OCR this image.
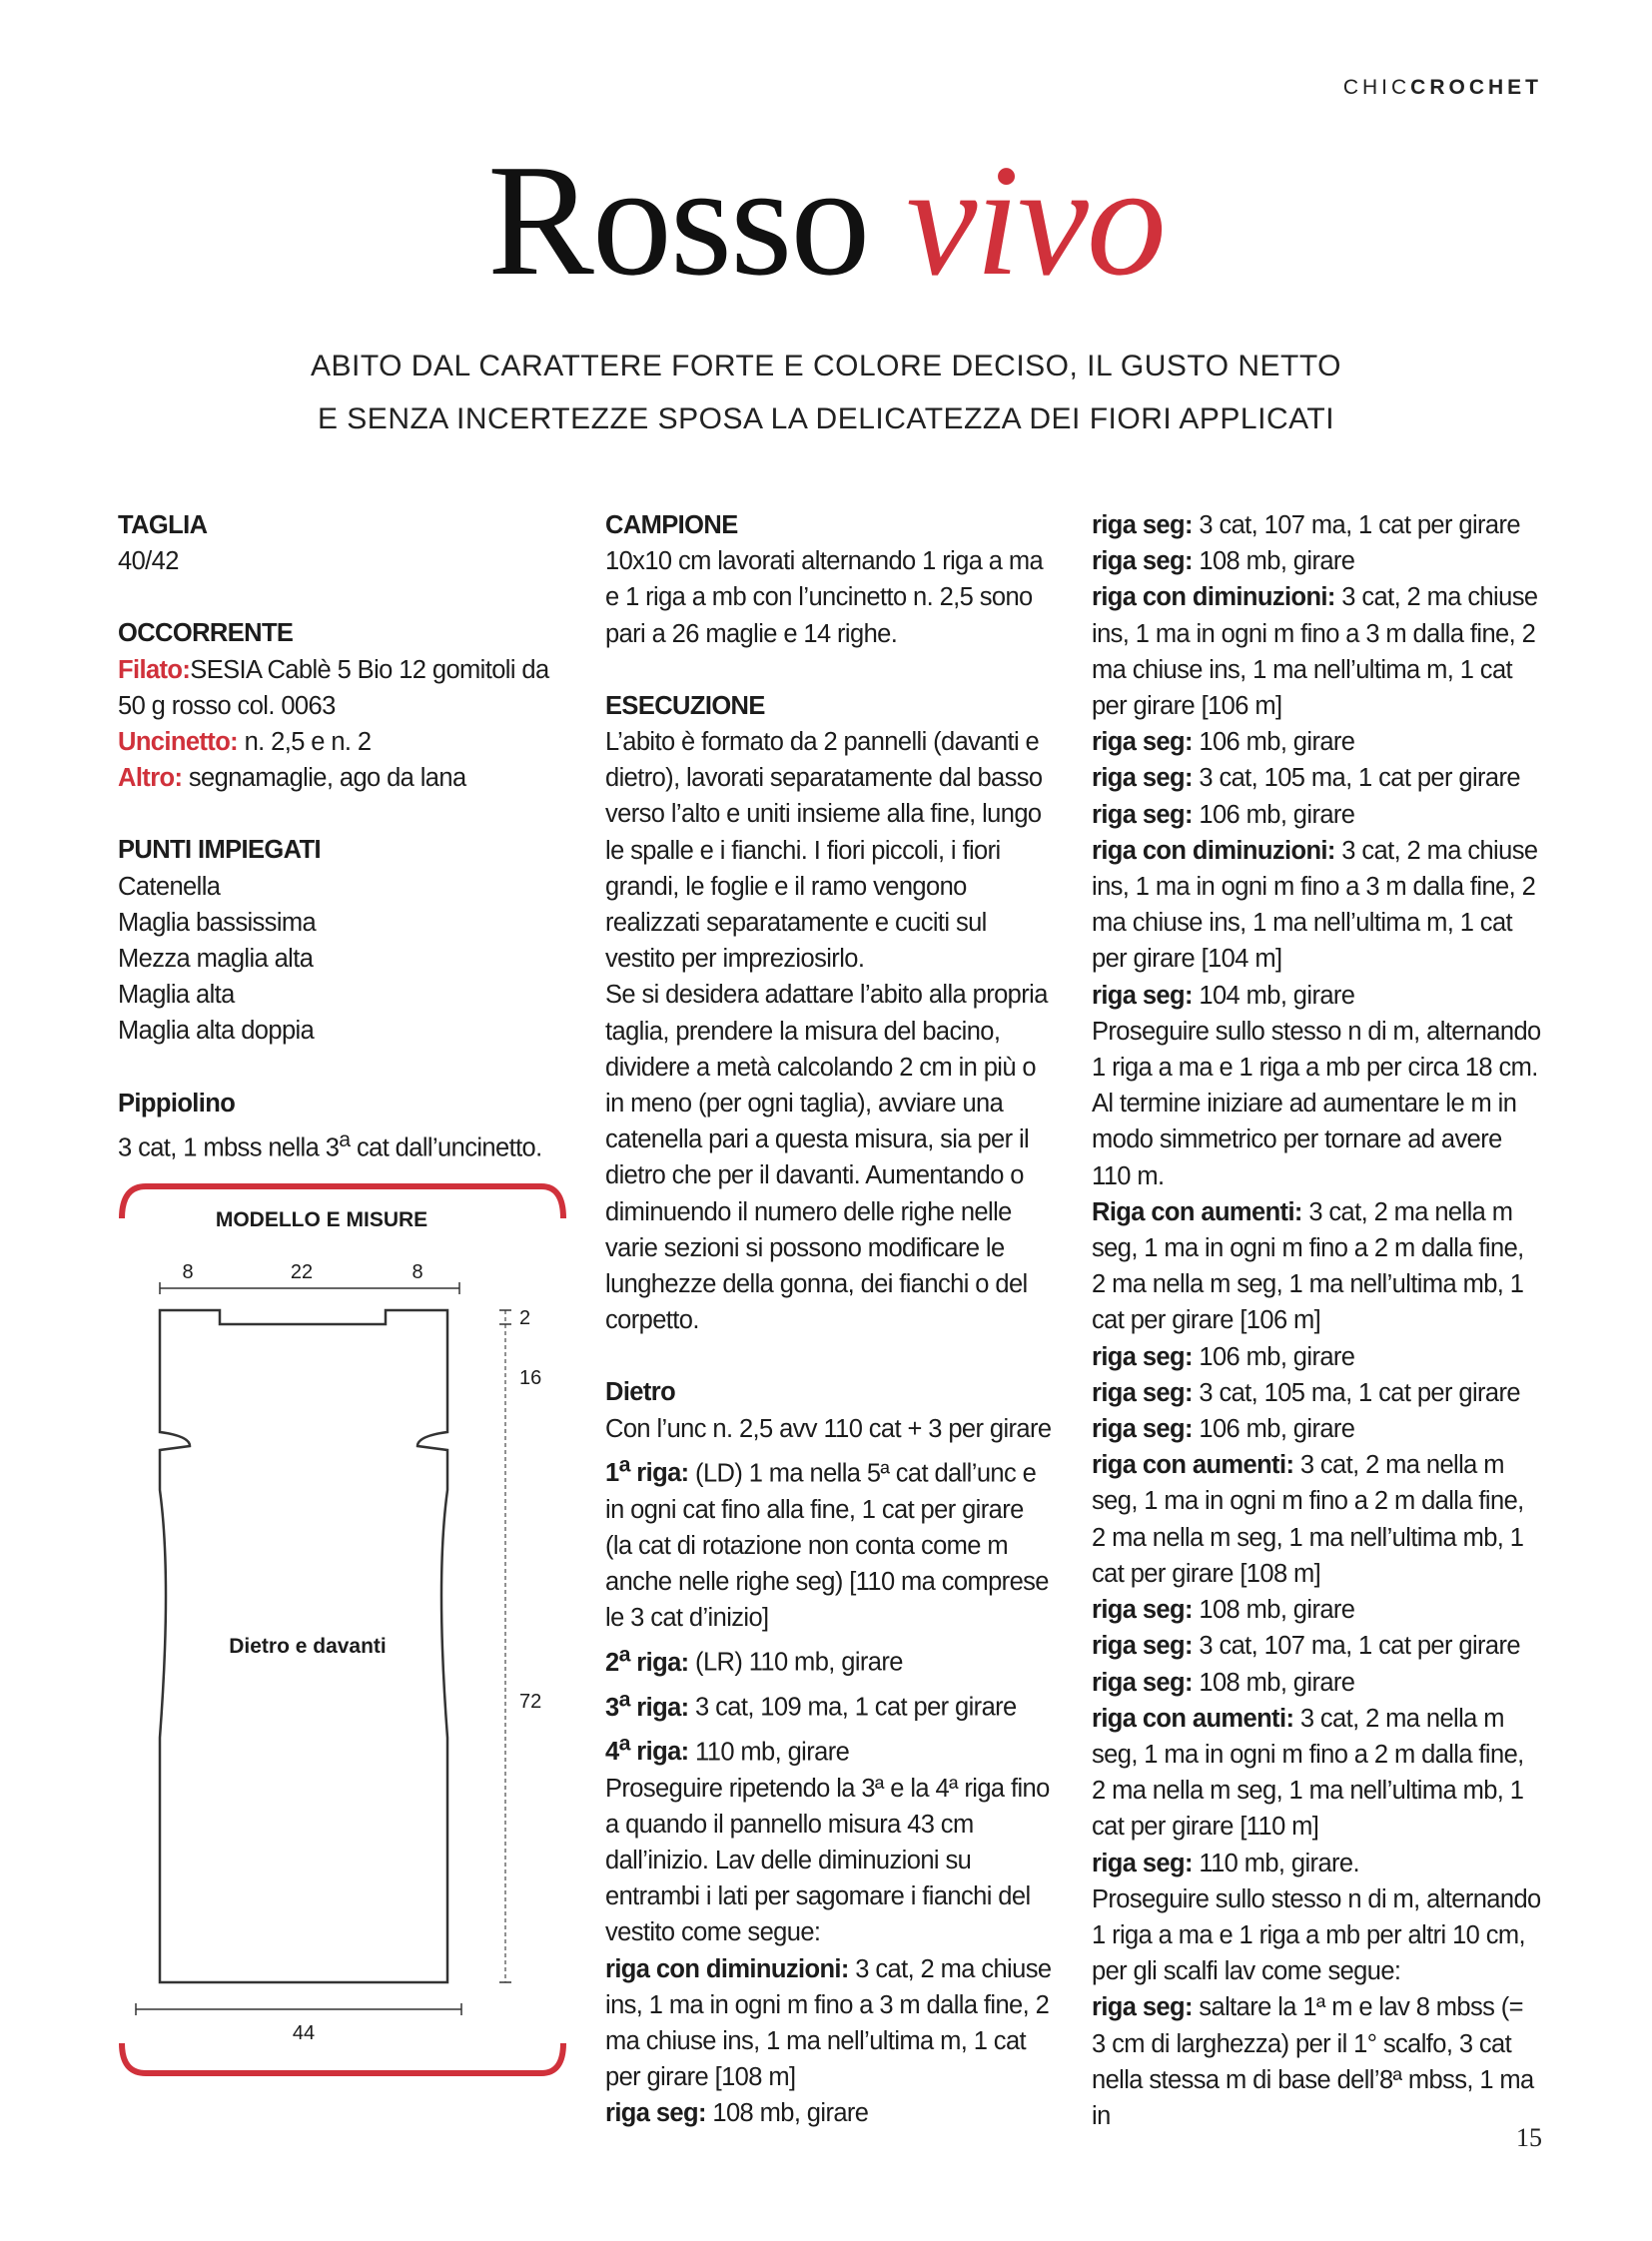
CHICCROCHET
Rosso vivo
ABITO DAL CARATTERE FORTE E COLORE DECISO, IL GUSTO NETTO
E SENZA INCERTEZZE SPOSA LA DELICATEZZA DEI FIORI APPLICATI

TAGLIA

40/42

OCCORRENTE

Filato:SESIA Cablè 5 Bio 12 gomitoli da 50 g rosso col. 0063

Uncinetto: n. 2,5 e n. 2

Altro: segnamaglie, ago da lana

PUNTI IMPIEGATI

Catenella

Maglia bassissima

Mezza maglia alta

Maglia alta

Maglia alta doppia

Pippiolino

3 cat, 1 mbss nella 3$^a$ cat dall’uncinetto.

MODELLO E MISURE
8	22	8
Dietro e davanti
2
16
72
44

CAMPIONE

10x10 cm lavorati alternando 1 riga a ma e 1 riga a mb con l’uncinetto n. 2,5 sono pari a 26 maglie e 14 righe.

ESECUZIONE

L’abito è formato da 2 pannelli (davanti e dietro), lavorati separatamente dal basso verso l’alto e uniti insieme alla fine, lungo le spalle e i fianchi. I fiori piccoli, i fiori grandi, le foglie e il ramo vengono realizzati separatamente e cuciti sul vestito per impreziosirlo.

Se si desidera adattare l’abito alla propria taglia, prendere la misura del bacino, dividere a metà calcolando 2 cm in più o in meno (per ogni taglia), avviare una catenella pari a questa misura, sia per il dietro che per il davanti. Aumentando o diminuendo il numero delle righe nelle varie sezioni si possono modificare le lunghezze della gonna, dei fianchi o del corpetto.

Dietro

Con l’unc n. 2,5 avv 110 cat + 3 per girare

1$^a$ riga: (LD) 1 ma nella 5ª cat dall’unc e in ogni cat fino alla fine, 1 cat per girare (la cat di rotazione non conta come m anche nelle righe seg) [110 ma comprese le 3 cat d’inizio]

2$^a$ riga: (LR) 110 mb, girare

3$^a$ riga: 3 cat, 109 ma, 1 cat per girare

4$^a$ riga: 110 mb, girare

Proseguire ripetendo la 3ª e la 4ª riga fino a quando il pannello misura 43 cm dall’inizio. Lav delle diminuzioni su entrambi i lati per sagomare i fianchi del vestito come segue:

riga con diminuzioni: 3 cat, 2 ma chiuse ins, 1 ma in ogni m fino a 3 m dalla fine, 2 ma chiuse ins, 1 ma nell’ultima m, 1 cat per girare [108 m]

riga seg: 108 mb, girare

riga seg: 3 cat, 107 ma, 1 cat per girare

riga seg: 108 mb, girare

riga con diminuzioni: 3 cat, 2 ma chiuse ins, 1 ma in ogni m fino a 3 m dalla fine, 2 ma chiuse ins, 1 ma nell’ultima m, 1 cat per girare [106 m]

riga seg: 106 mb, girare

riga seg: 3 cat, 105 ma, 1 cat per girare

riga seg: 106 mb, girare

riga con diminuzioni: 3 cat, 2 ma chiuse ins, 1 ma in ogni m fino a 3 m dalla fine, 2 ma chiuse ins, 1 ma nell’ultima m, 1 cat per girare [104 m]

riga seg: 104 mb, girare

Proseguire sullo stesso n di m, alternando 1 riga a ma e 1 riga a mb per circa 18 cm. Al termine iniziare ad aumentare le m in modo simmetrico per tornare ad avere 110 m.

Riga con aumenti: 3 cat, 2 ma nella m seg, 1 ma in ogni m fino a 2 m dalla fine, 2 ma nella m seg, 1 ma nell’ultima mb, 1 cat per girare [106 m]

riga seg: 106 mb, girare

riga seg: 3 cat, 105 ma, 1 cat per girare

riga seg: 106 mb, girare

riga con aumenti: 3 cat, 2 ma nella m seg, 1 ma in ogni m fino a 2 m dalla fine, 2 ma nella m seg, 1 ma nell’ultima mb, 1 cat per girare [108 m]

riga seg: 108 mb, girare

riga seg: 3 cat, 107 ma, 1 cat per girare

riga seg: 108 mb, girare

riga con aumenti: 3 cat, 2 ma nella m seg, 1 ma in ogni m fino a 2 m dalla fine, 2 ma nella m seg, 1 ma nell’ultima mb, 1 cat per girare [110 m]

riga seg: 110 mb, girare.

Proseguire sullo stesso n di m, alternando 1 riga a ma e 1 riga a mb per altri 10 cm, per gli scalfi lav come segue:

riga seg: saltare la 1ª m e lav 8 mbss (= 3 cm di larghezza) per il 1° scalfo, 3 cat nella stessa m di base dell’8ª mbss, 1 ma in

15
